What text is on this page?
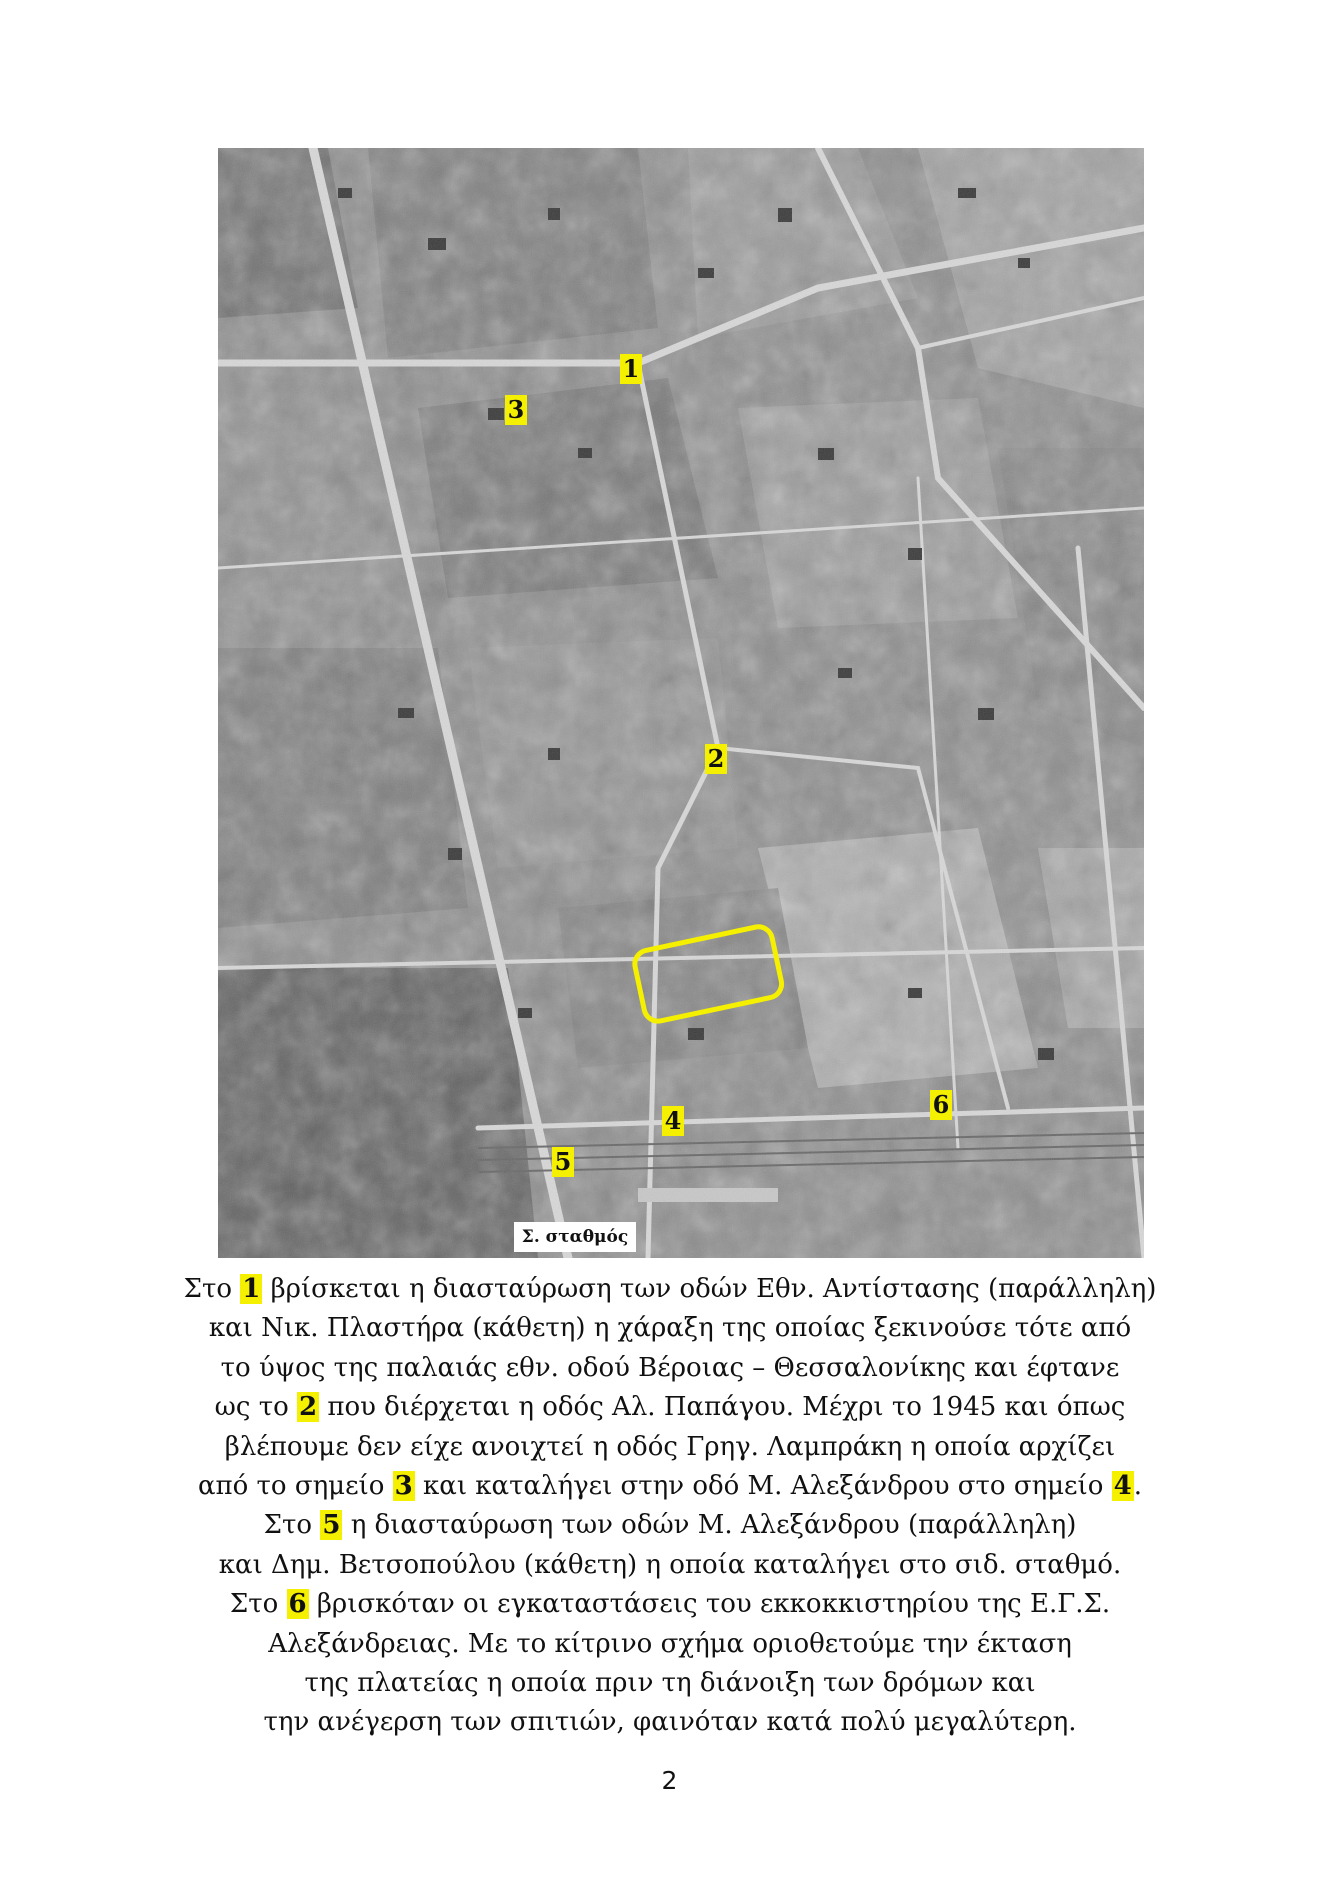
1
2
3
4
5
6
Σ. σταθμός
Στο 1 βρίσκεται η διασταύρωση των οδών Εθν. Αντίστασης (παράλληλη)
και Νικ. Πλαστήρα (κάθετη) η χάραξη της οποίας ξεκινούσε τότε από
το ύψος της παλαιάς εθν. οδού Βέροιας – Θεσσαλονίκης και έφτανε
ως το 2 που διέρχεται η οδός Αλ. Παπάγου. Μέχρι το 1945 και όπως
βλέπουμε δεν είχε ανοιχτεί η οδός Γρηγ. Λαμπράκη η οποία αρχίζει
από το σημείο 3 και καταλήγει στην οδό Μ. Αλεξάνδρου στο σημείο 4.
Στο 5 η διασταύρωση των οδών Μ. Αλεξάνδρου (παράλληλη)
και Δημ. Βετσοπούλου (κάθετη) η οποία καταλήγει στο σιδ. σταθμό.
Στο 6 βρισκόταν οι εγκαταστάσεις του εκκοκκιστηρίου της Ε.Γ.Σ.
Αλεξάνδρειας. Με το κίτρινο σχήμα οριοθετούμε την έκταση
της πλατείας η οποία πριν τη διάνοιξη των δρόμων και
την ανέγερση των σπιτιών, φαινόταν κατά πολύ μεγαλύτερη.
2
